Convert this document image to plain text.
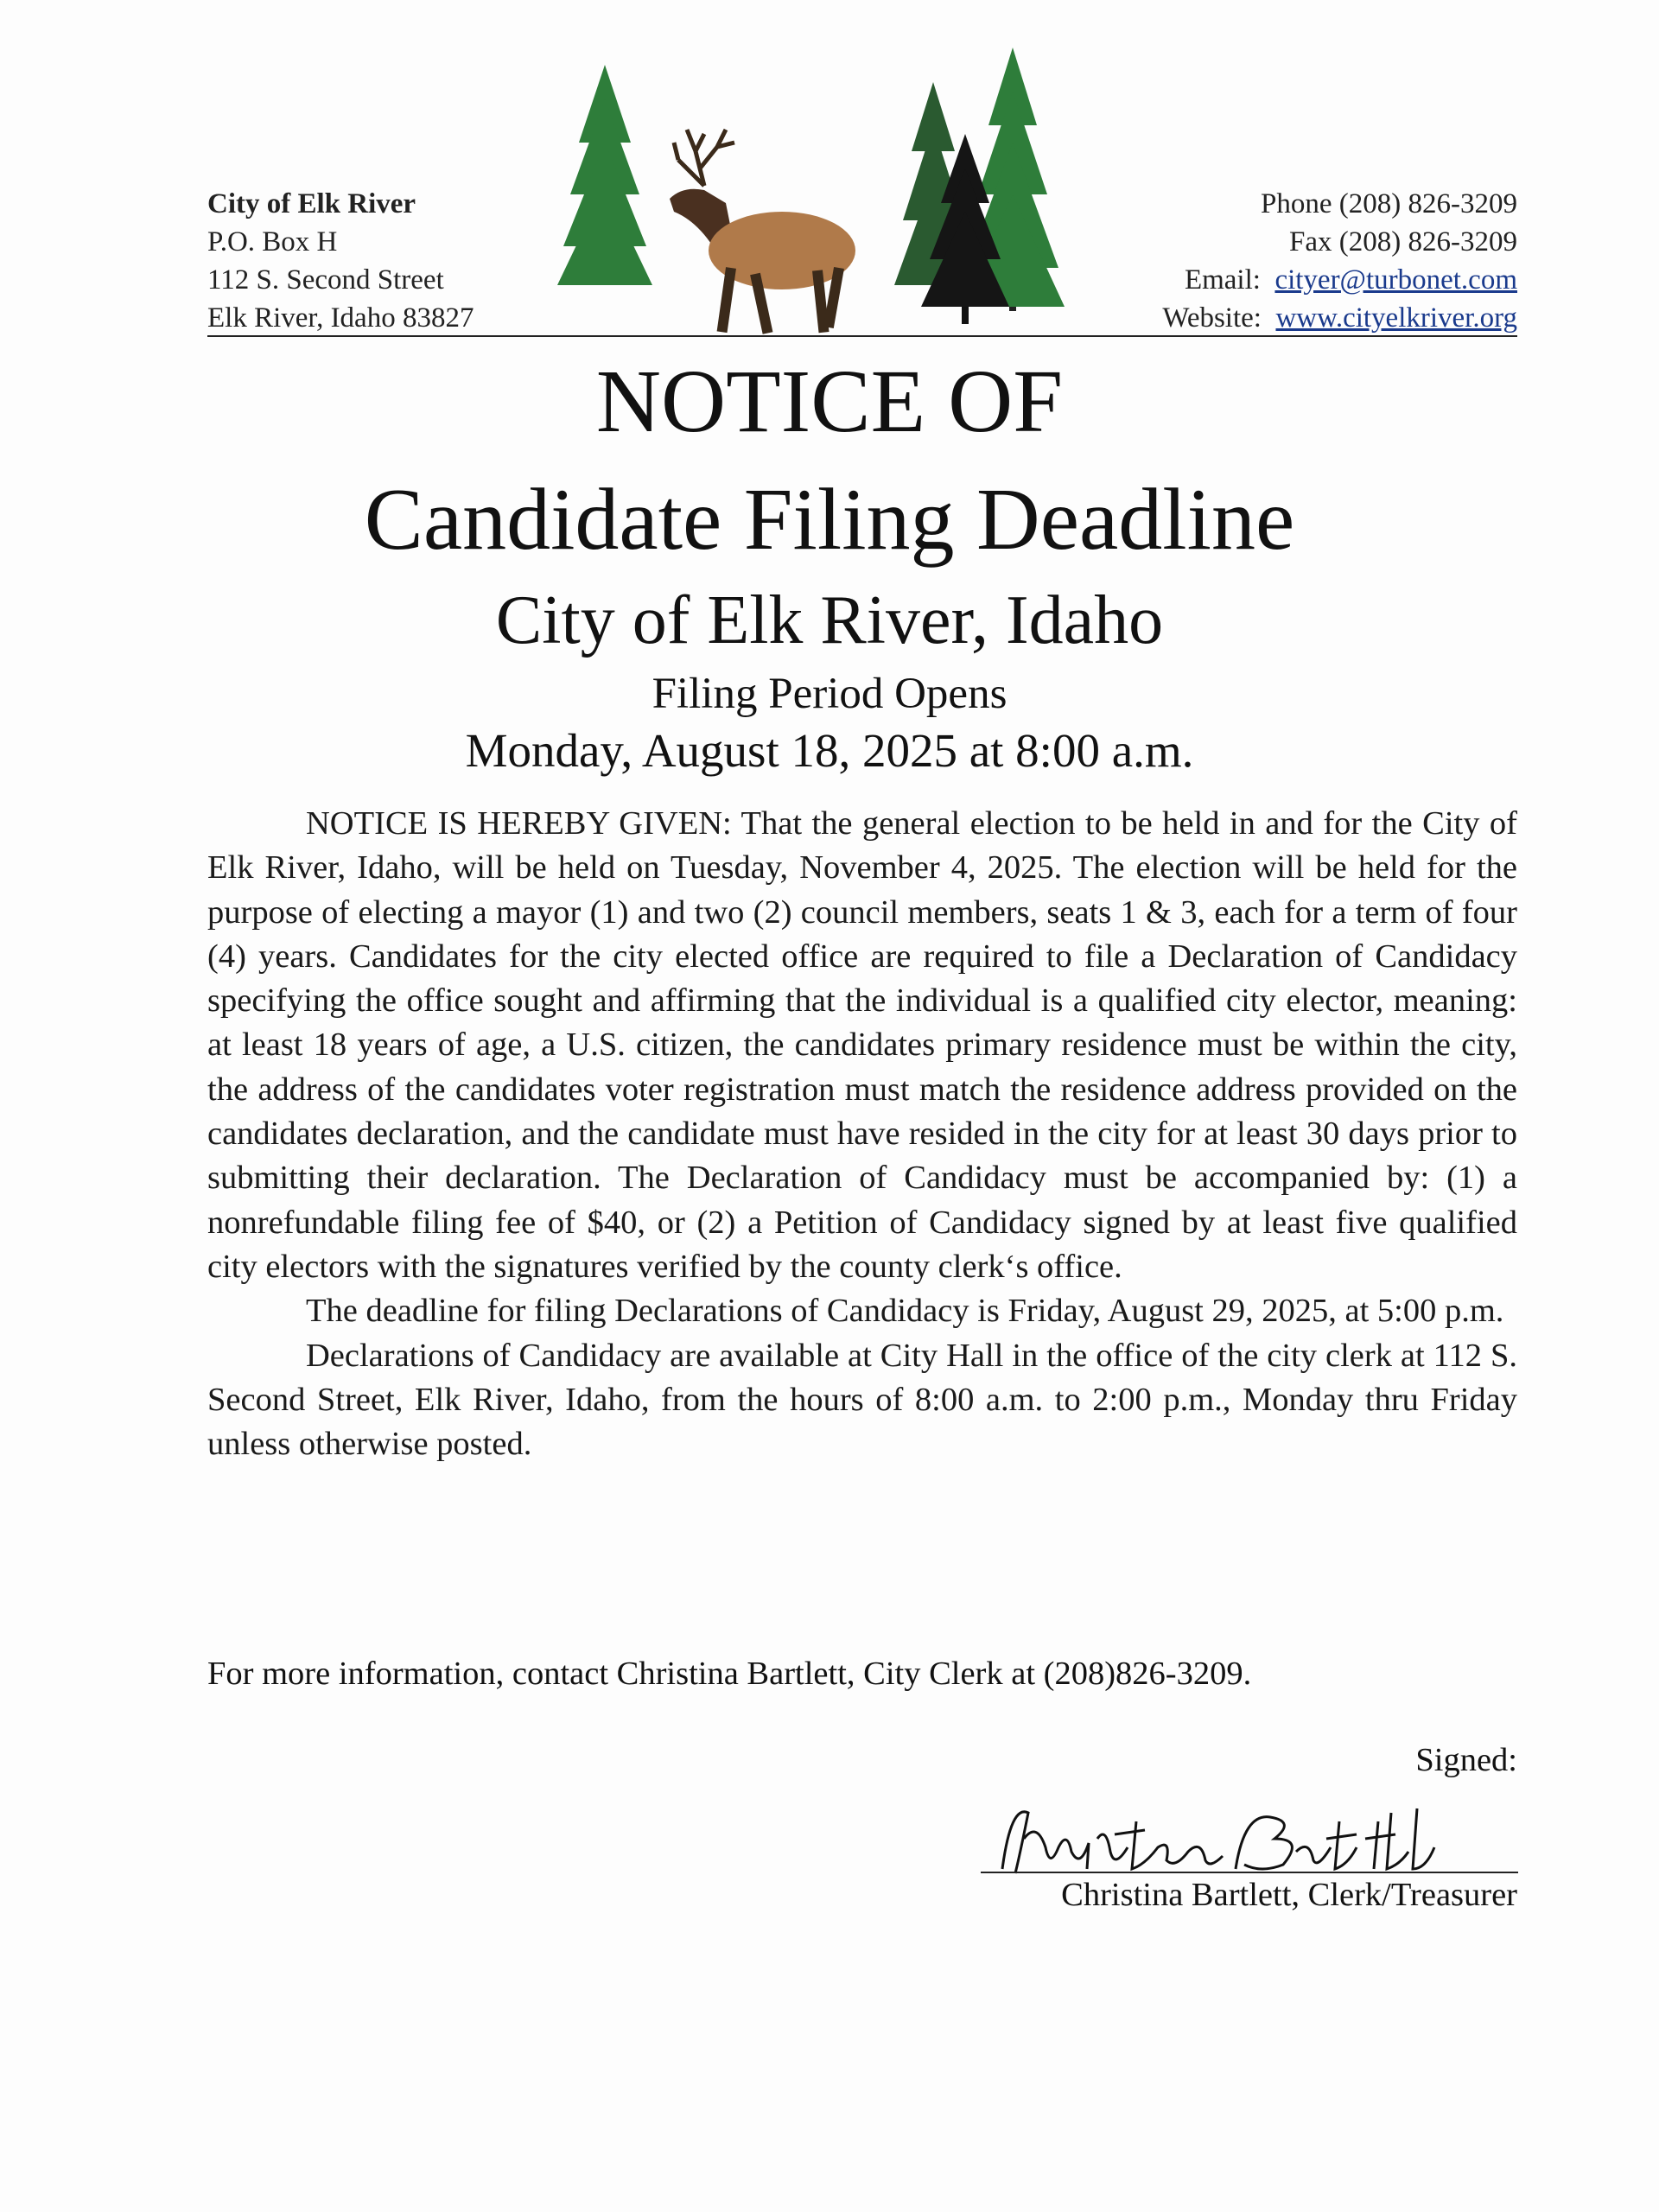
City of Elk River
P.O. Box H
112 S. Second Street
Elk River, Idaho 83827
Phone (208) 826-3209
Fax (208) 826-3209
Email: cityer@turbonet.com
Website: www.cityelkriver.org
NOTICE OF
Candidate Filing Deadline
City of Elk River, Idaho
Filing Period Opens
Monday, August 18, 2025 at 8:00 a.m.

NOTICE IS HEREBY GIVEN: That the general election to be held in and for the City of Elk River, Idaho, will be held on Tuesday, November 4, 2025. The election will be held for the purpose of electing a mayor (1) and two (2) council members, seats 1 & 3, each for a term of four (4) years. Candidates for the city elected office are required to file a Declaration of Candidacy specifying the office sought and affirming that the individual is a qualified city elector, meaning: at least 18 years of age, a U.S. citizen, the candidates primary residence must be within the city, the address of the candidates voter registration must match the residence address provided on the candidates declaration, and the candidate must have resided in the city for at least 30 days prior to submitting their declaration. The Declaration of Candidacy must be accompanied by: (1) a nonrefundable filing fee of $40, or (2) a Petition of Candidacy signed by at least five qualified city electors with the signatures verified by the county clerk‘s office.

The deadline for filing Declarations of Candidacy is Friday, August 29, 2025, at 5:00 p.m.

Declarations of Candidacy are available at City Hall in the office of the city clerk at 112 S. Second Street, Elk River, Idaho, from the hours of 8:00 a.m. to 2:00 p.m., Monday thru Friday unless otherwise posted.

For more information, contact Christina Bartlett, City Clerk at (208)826-3209.
Signed:
Christina Bartlett, Clerk/Treasurer
